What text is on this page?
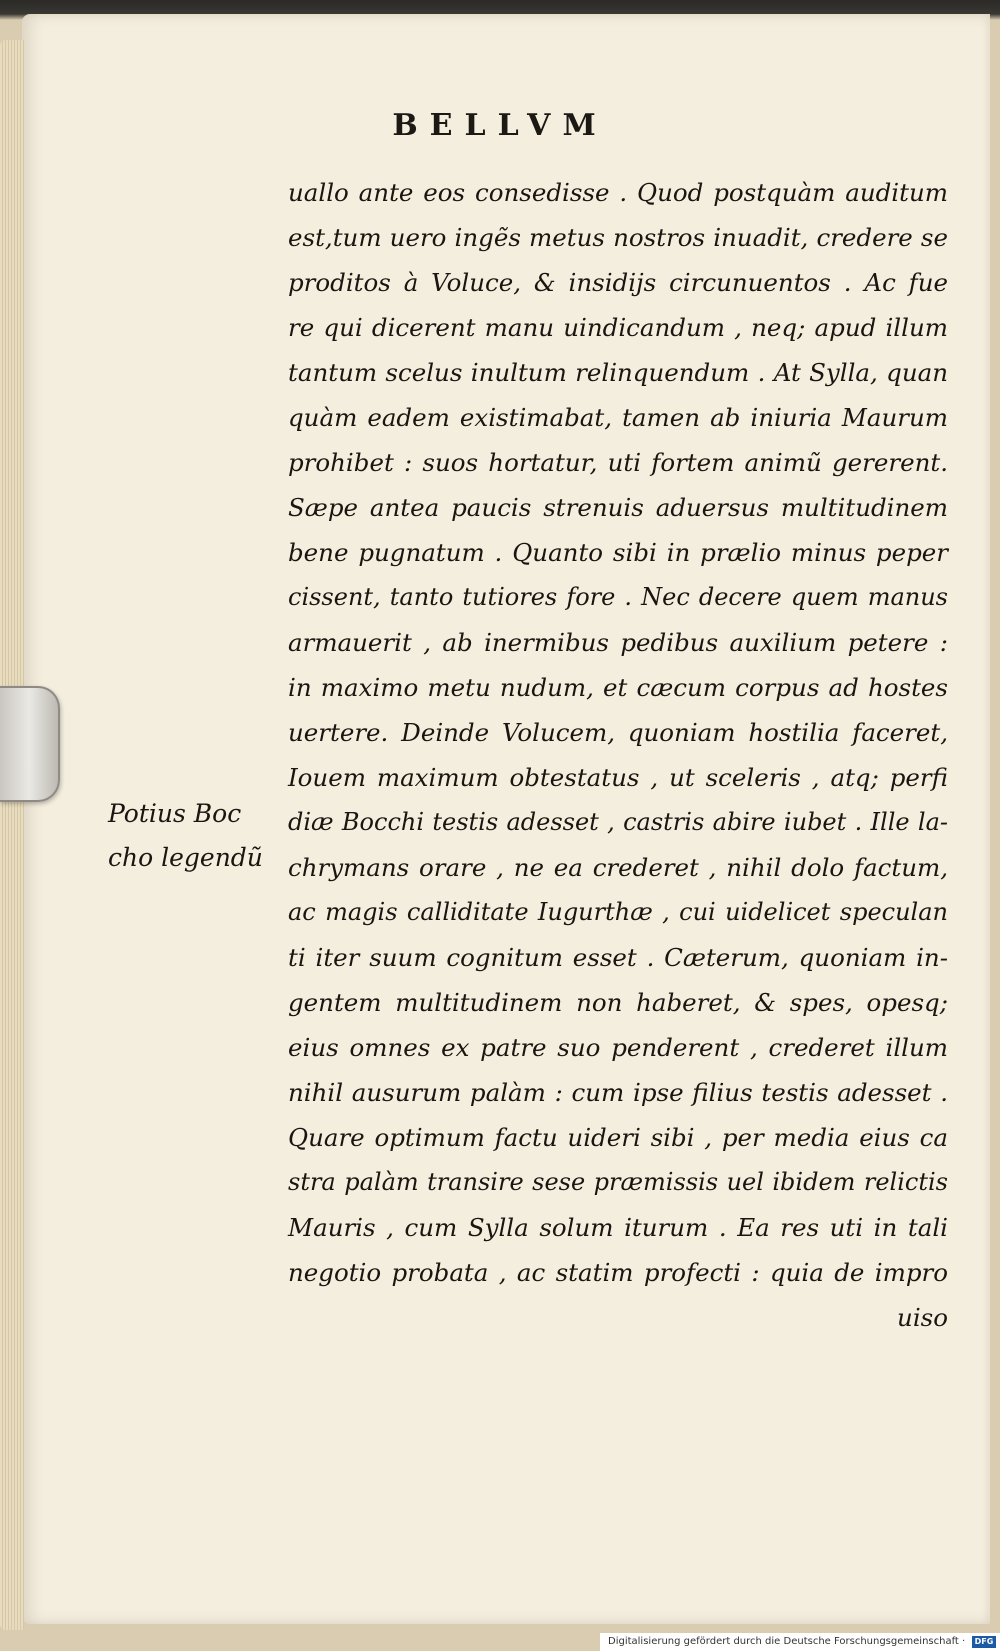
BELLVM
uallo ante eos consedisse . Quod postquàm auditum
est,tum uero ingẽs metus nostros inuadit, credere se
proditos à Voluce, & insidijs circunuentos . Ac fue
re qui dicerent manu uindicandum , neq; apud illum
tantum scelus inultum relinquendum . At Sylla, quan
quàm eadem existimabat, tamen ab iniuria Maurum
prohibet : suos hortatur, uti fortem animũ gererent.
Sæpe antea paucis strenuis aduersus multitudinem
bene pugnatum . Quanto sibi in prælio minus peper
cissent, tanto tutiores fore . Nec decere quem manus
armauerit , ab inermibus pedibus auxilium petere :
in maximo metu nudum, et cæcum corpus ad hostes
uertere. Deinde Volucem, quoniam hostilia faceret,
Iouem maximum obtestatus , ut sceleris , atq; perfi
diæ Bocchi testis adesset , castris abire iubet . Ille la-
chrymans orare , ne ea crederet , nihil dolo factum,
ac magis calliditate Iugurthæ , cui uidelicet speculan
ti iter suum cognitum esset . Cæterum, quoniam in-
gentem multitudinem non haberet, & spes, opesq;
eius omnes ex patre suo penderent , crederet illum
nihil ausurum palàm : cum ipse filius testis adesset .
Quare optimum factu uideri sibi , per media eius ca
stra palàm transire sese præmissis uel ibidem relictis
Mauris , cum Sylla solum iturum . Ea res uti in tali
negotio probata , ac statim profecti : quia de impro
uiso
Potius Boc
cho legendũ
Digitalisierung gefördert durch die Deutsche Forschungsgemeinschaft ·	DFG
